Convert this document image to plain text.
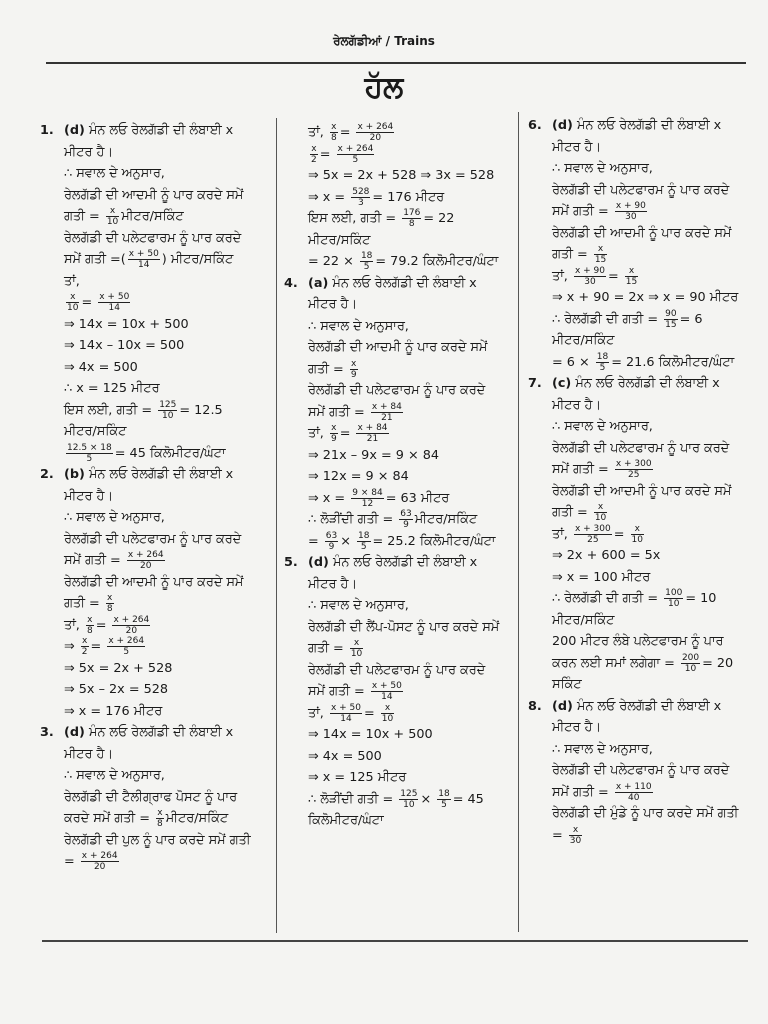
ਰੇਲਗੱਡੀਆਂ / Trains
ਹੱਲ
1. (d) ਮੰਨ ਲਓ ਰੇਲਗੱਡੀ ਦੀ ਲੰਬਾਈ x
ਮੀਟਰ ਹੈ।
∴ ਸਵਾਲ ਦੇ ਅਨੁਸਾਰ,
ਰੇਲਗੱਡੀ ਦੀ ਆਦਮੀ ਨੂੰ ਪਾਰ ਕਰਦੇ ਸਮੇਂ
ਗਤੀ = $\frac{x}{10}$ ਮੀਟਰ/ਸਕਿੰਟ
ਰੇਲਗੱਡੀ ਦੀ ਪਲੇਟਫਾਰਮ ਨੂੰ ਪਾਰ ਕਰਦੇ
ਸਮੇਂ ਗਤੀ =( $\frac{x + 50}{14}$ ) ਮੀਟਰ/ਸਕਿੰਟ
ਤਾਂ,
$\frac{x}{10} = \frac{x + 50}{14}$
⇒ 14x = 10x + 500
⇒ 14x – 10x = 500
⇒ 4x = 500
∴ x = 125 ਮੀਟਰ
ਇਸ ਲਈ, ਗਤੀ = $\frac{125}{10} = 12.5$
ਮੀਟਰ/ਸਕਿੰਟ
$\frac{12.5 \times 18}{5} = 45$ ਕਿਲੋਮੀਟਰ/ਘੰਟਾ
2. (b) ਮੰਨ ਲਓ ਰੇਲਗੱਡੀ ਦੀ ਲੰਬਾਈ x
ਮੀਟਰ ਹੈ।
∴ ਸਵਾਲ ਦੇ ਅਨੁਸਾਰ,
ਰੇਲਗੱਡੀ ਦੀ ਪਲੇਟਫਾਰਮ ਨੂੰ ਪਾਰ ਕਰਦੇ
ਸਮੇਂ ਗਤੀ = $\frac{x + 264}{20}$
ਰੇਲਗੱਡੀ ਦੀ ਆਦਮੀ ਨੂੰ ਪਾਰ ਕਰਦੇ ਸਮੇਂ
ਗਤੀ = $\frac{x}{8}$
ਤਾਂ, $\frac{x}{8} = \frac{x + 264}{20}$
⇒ $\frac{x}{2} = \frac{x + 264}{5}$
⇒ 5x = 2x + 528
⇒ 5x – 2x = 528
⇒ x = 176 ਮੀਟਰ
3. (d) ਮੰਨ ਲਓ ਰੇਲਗੱਡੀ ਦੀ ਲੰਬਾਈ x
ਮੀਟਰ ਹੈ।
∴ ਸਵਾਲ ਦੇ ਅਨੁਸਾਰ,
ਰੇਲਗੱਡੀ ਦੀ ਟੈਲੀਗ੍ਰਾਫ ਪੋਸਟ ਨੂੰ ਪਾਰ
ਕਰਦੇ ਸਮੇਂ ਗਤੀ = $\frac{x}{8}$ ਮੀਟਰ/ਸਕਿੰਟ
ਰੇਲਗੱਡੀ ਦੀ ਪੁਲ ਨੂੰ ਪਾਰ ਕਰਦੇ ਸਮੇਂ ਗਤੀ
= $\frac{x + 264}{20}$
ਤਾਂ, $\frac{x}{8} = \frac{x + 264}{20}$
$\frac{x}{2} = \frac{x + 264}{5}$
⇒ 5x = 2x + 528 ⇒ 3x = 528
⇒ $x = \frac{528}{3} = 176$ ਮੀਟਰ
ਇਸ ਲਈ, ਗਤੀ = $\frac{176}{8} = 22$
ਮੀਟਰ/ਸਕਿੰਟ
= $22 \times \frac{18}{5} = 79.2$ ਕਿਲੋਮੀਟਰ/ਘੰਟਾ
4. (a) ਮੰਨ ਲਓ ਰੇਲਗੱਡੀ ਦੀ ਲੰਬਾਈ x
ਮੀਟਰ ਹੈ।
∴ ਸਵਾਲ ਦੇ ਅਨੁਸਾਰ,
ਰੇਲਗੱਡੀ ਦੀ ਆਦਮੀ ਨੂੰ ਪਾਰ ਕਰਦੇ ਸਮੇਂ
ਗਤੀ = $\frac{x}{9}$
ਰੇਲਗੱਡੀ ਦੀ ਪਲੇਟਫਾਰਮ ਨੂੰ ਪਾਰ ਕਰਦੇ
ਸਮੇਂ ਗਤੀ = $\frac{x + 84}{21}$
ਤਾਂ, $\frac{x}{9} = \frac{x + 84}{21}$
⇒ 21x – 9x = 9 × 84
⇒ 12x = 9 × 84
⇒ $x = \frac{9 \times 84}{12} = 63$ ਮੀਟਰ
∴ ਲੋੜੀਂਦੀ ਗਤੀ = $\frac{63}{9}$ ਮੀਟਰ/ਸਕਿੰਟ
= $\frac{63}{9} \times \frac{18}{5} = 25.2$ ਕਿਲੋਮੀਟਰ/ਘੰਟਾ
5. (d) ਮੰਨ ਲਓ ਰੇਲਗੱਡੀ ਦੀ ਲੰਬਾਈ x
ਮੀਟਰ ਹੈ।
∴ ਸਵਾਲ ਦੇ ਅਨੁਸਾਰ,
ਰੇਲਗੱਡੀ ਦੀ ਲੈਂਪ-ਪੋਸਟ ਨੂੰ ਪਾਰ ਕਰਦੇ ਸਮੇਂ
ਗਤੀ = $\frac{x}{10}$
ਰੇਲਗੱਡੀ ਦੀ ਪਲੇਟਫਾਰਮ ਨੂੰ ਪਾਰ ਕਰਦੇ
ਸਮੇਂ ਗਤੀ = $\frac{x + 50}{14}$
ਤਾਂ, $\frac{x + 50}{14} = \frac{x}{10}$
⇒ 14x = 10x + 500
⇒ 4x = 500
⇒ x = 125 ਮੀਟਰ
∴ ਲੋੜੀਂਦੀ ਗਤੀ = $\frac{125}{10} \times \frac{18}{5} = 45$
ਕਿਲੋਮੀਟਰ/ਘੰਟਾ
6. (d) ਮੰਨ ਲਓ ਰੇਲਗੱਡੀ ਦੀ ਲੰਬਾਈ x
ਮੀਟਰ ਹੈ।
∴ ਸਵਾਲ ਦੇ ਅਨੁਸਾਰ,
ਰੇਲਗੱਡੀ ਦੀ ਪਲੇਟਫਾਰਮ ਨੂੰ ਪਾਰ ਕਰਦੇ
ਸਮੇਂ ਗਤੀ = $\frac{x + 90}{30}$
ਰੇਲਗੱਡੀ ਦੀ ਆਦਮੀ ਨੂੰ ਪਾਰ ਕਰਦੇ ਸਮੇਂ
ਗਤੀ = $\frac{x}{15}$
ਤਾਂ, $\frac{x + 90}{30} = \frac{x}{15}$
⇒ x + 90 = 2x ⇒ x = 90 ਮੀਟਰ
∴ ਰੇਲਗੱਡੀ ਦੀ ਗਤੀ = $\frac{90}{15} = 6$
ਮੀਟਰ/ਸਕਿੰਟ
= $6 \times \frac{18}{5} = 21.6$ ਕਿਲੋਮੀਟਰ/ਘੰਟਾ
7. (c) ਮੰਨ ਲਓ ਰੇਲਗੱਡੀ ਦੀ ਲੰਬਾਈ x
ਮੀਟਰ ਹੈ।
∴ ਸਵਾਲ ਦੇ ਅਨੁਸਾਰ,
ਰੇਲਗੱਡੀ ਦੀ ਪਲੇਟਫਾਰਮ ਨੂੰ ਪਾਰ ਕਰਦੇ
ਸਮੇਂ ਗਤੀ = $\frac{x + 300}{25}$
ਰੇਲਗੱਡੀ ਦੀ ਆਦਮੀ ਨੂੰ ਪਾਰ ਕਰਦੇ ਸਮੇਂ
ਗਤੀ = $\frac{x}{10}$
ਤਾਂ, $\frac{x + 300}{25} = \frac{x}{10}$
⇒ 2x + 600 = 5x
⇒ x = 100 ਮੀਟਰ
∴ ਰੇਲਗੱਡੀ ਦੀ ਗਤੀ = $\frac{100}{10} = 10$
ਮੀਟਰ/ਸਕਿੰਟ
200 ਮੀਟਰ ਲੰਬੇ ਪਲੇਟਫਾਰਮ ਨੂੰ ਪਾਰ
ਕਰਨ ਲਈ ਸਮਾਂ ਲਗੇਗਾ = $\frac{200}{10} = 20$
ਸਕਿੰਟ
8. (d) ਮੰਨ ਲਓ ਰੇਲਗੱਡੀ ਦੀ ਲੰਬਾਈ x
ਮੀਟਰ ਹੈ।
∴ ਸਵਾਲ ਦੇ ਅਨੁਸਾਰ,
ਰੇਲਗੱਡੀ ਦੀ ਪਲੇਟਫਾਰਮ ਨੂੰ ਪਾਰ ਕਰਦੇ
ਸਮੇਂ ਗਤੀ = $\frac{x + 110}{40}$
ਰੇਲਗੱਡੀ ਦੀ ਮੁੰਡੇ ਨੂੰ ਪਾਰ ਕਰਦੇ ਸਮੇਂ ਗਤੀ
= $\frac{x}{30}$
